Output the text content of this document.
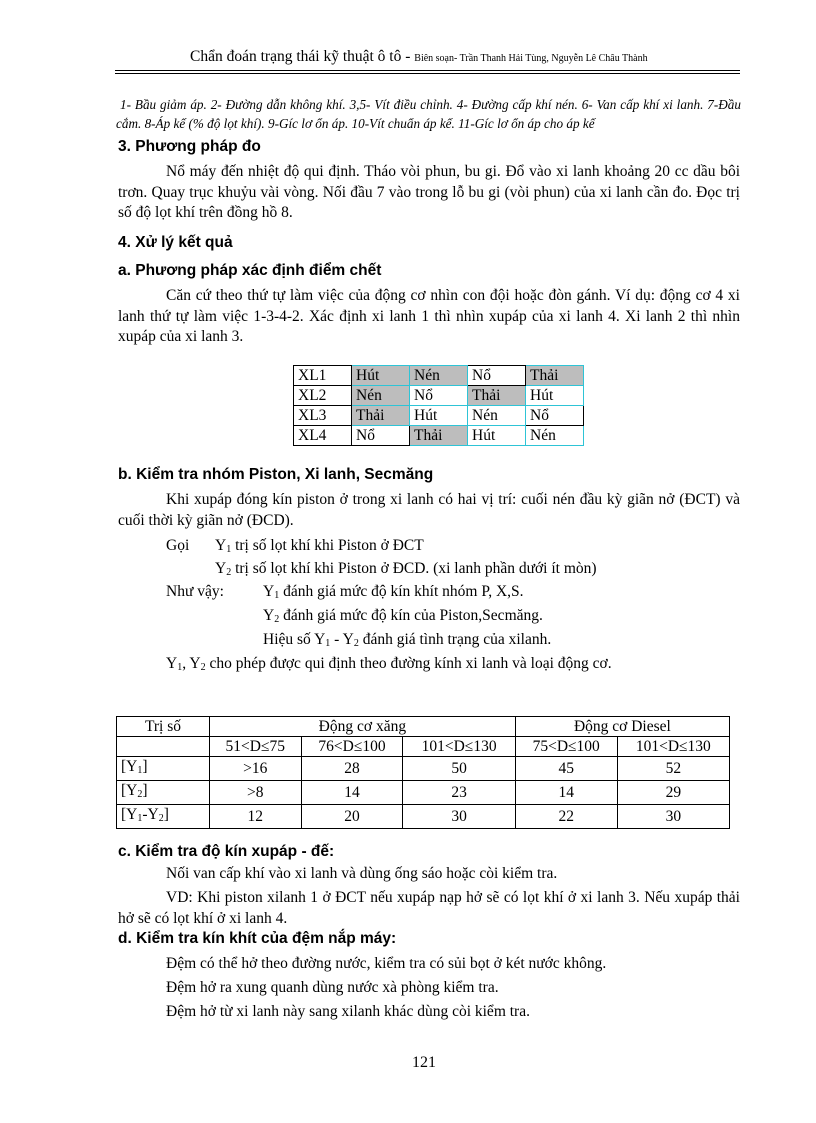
Chẩn đoán trạng thái kỹ thuật ô tô - Biên soạn- Trần Thanh Hải Tùng, Nguyễn Lê Châu Thành
1- Bầu giảm áp. 2- Đường dẫn không khí. 3,5- Vít điều chỉnh. 4- Đường cấp khí nén. 6- Van cấp khí xi lanh. 7-Đầu cắm. 8-Áp kế (% độ lọt khí). 9-Gíc lơ ổn áp. 10-Vít chuẩn áp kế. 11-Gíc lơ ổn áp cho áp kế
3. Phương pháp đo
Nổ máy đến nhiệt độ qui định. Tháo vòi phun, bu gi. Đổ vào xi lanh khoảng 20 cc dầu bôi trơn. Quay trục khuỷu vài vòng. Nối đầu 7 vào trong lỗ bu gi (vòi phun) của xi lanh cần đo. Đọc trị số độ lọt khí trên đồng hồ 8.
4. Xử lý kết quả
a. Phương pháp xác định điểm chết
Căn cứ theo thứ tự làm việc của động cơ nhìn con đội hoặc đòn gánh. Ví dụ: động cơ 4 xi lanh thứ tự làm việc 1-3-4-2. Xác định xi lanh 1 thì nhìn xupáp của xi lanh 4. Xi lanh 2 thì nhìn xupáp của xi lanh 3.
XL1	Hút	Nén	Nổ	Thải
XL2	Nén	Nổ	Thải	Hút
XL3	Thải	Hút	Nén	Nổ
XL4	Nổ	Thải	Hút	Nén
b. Kiểm tra nhóm Piston, Xi lanh, Secmăng
Khi xupáp đóng kín piston ở trong xi lanh có hai vị trí: cuối nén đầu kỳ giãn nở (ĐCT) và cuối thời kỳ giãn nở (ĐCD).
Gọi $Y_1$ trị số lọt khí khi Piston ở ĐCT
$Y_2$ trị số lọt khí khi Piston ở ĐCD. (xi lanh phần dưới ít mòn)
Như vậy:	$Y_1$ đánh giá mức độ kín khít nhóm P, X,S.
$Y_2$ đánh giá mức độ kín của Piston,Secmăng.
Hiệu số $Y_1 - Y_2$ đánh giá tình trạng của xilanh.
$Y_1$, $Y_2$ cho phép được qui định theo đường kính xi lanh và loại động cơ.
Trị số	Động cơ xăng			Động cơ Diesel	
	51<D≤75	76<D≤100	101<D≤130	75<D≤100	101<D≤130
$[Y_1]$	>16	28	50	45	52
$[Y_2]$	>8	14	23	14	29
$[Y_1-Y_2]$	12	20	30	22	30
c. Kiểm tra độ kín xupáp - đế:
Nối van cấp khí vào xi lanh và dùng ống sáo hoặc còi kiểm tra.
VD: Khi piston xilanh 1 ở ĐCT nếu xupáp nạp hở sẽ có lọt khí ở xi lanh 3. Nếu xupáp thải hở sẽ có lọt khí ở xi lanh 4.
d. Kiểm tra kín khít của đệm nắp máy:
Đệm có thể hở theo đường nước, kiểm tra có sủi bọt ở két nước không.
Đệm hở ra xung quanh dùng nước xà phòng kiểm tra.
Đệm hở từ xi lanh này sang xilanh khác dùng còi kiểm tra.
121
